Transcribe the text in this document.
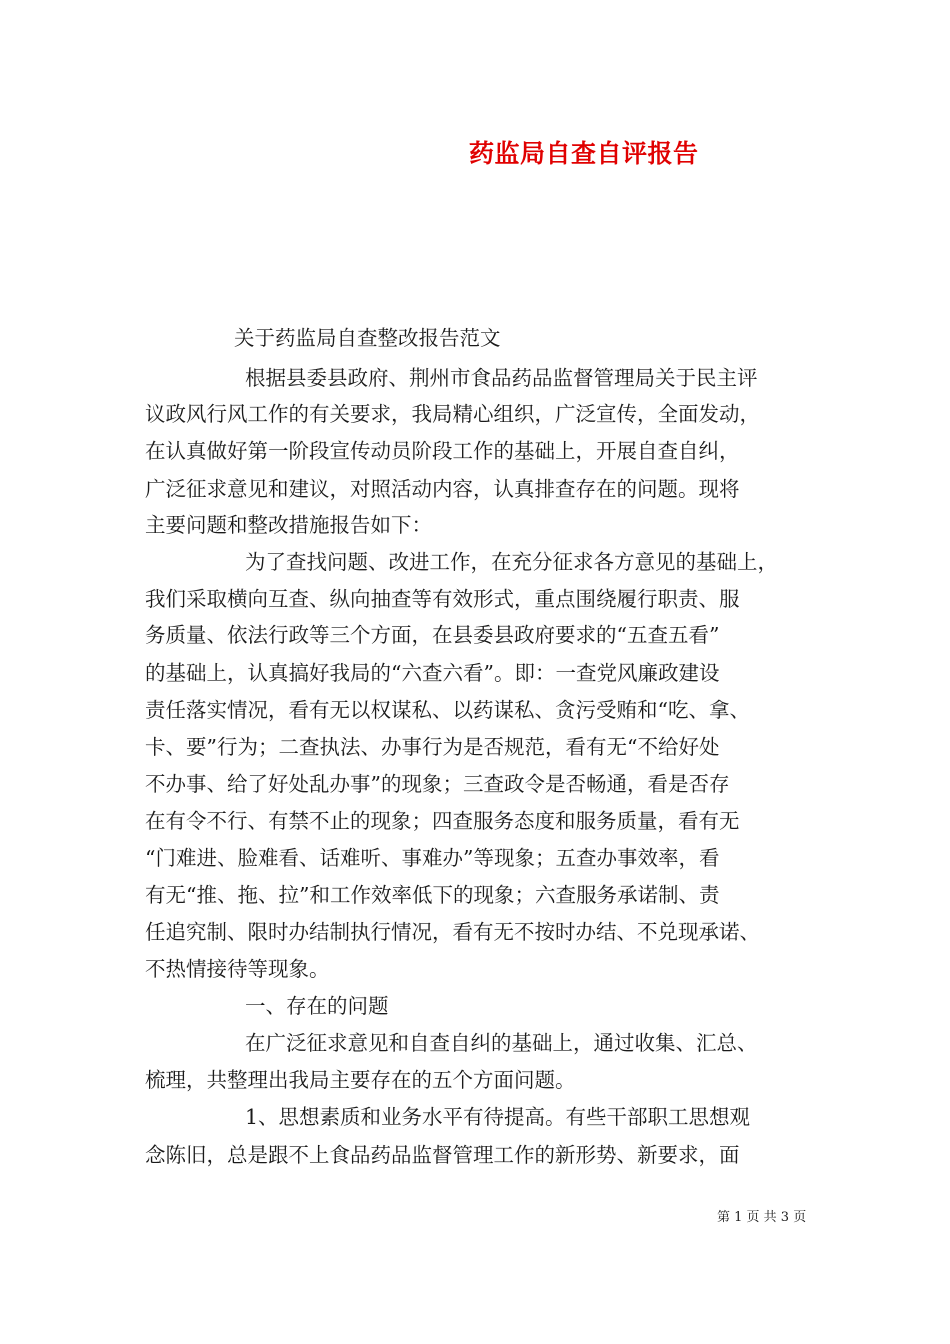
药监局自查自评报告
关于药监局自查整改报告范文
根据县委县政府、荆州市食品药品监督管理局关于民主评
议政风行风工作的有关要求，我局精心组织，广泛宣传，全面发动，
在认真做好第一阶段宣传动员阶段工作的基础上，开展自查自纠，
广泛征求意见和建议，对照活动内容，认真排查存在的问题。现将
主要问题和整改措施报告如下：
为了查找问题、改进工作，在充分征求各方意见的基础上，
我们采取横向互查、纵向抽查等有效形式，重点围绕履行职责、服
务质量、依法行政等三个方面，在县委县政府要求的“五查五看”
的基础上，认真搞好我局的“六查六看”。即：一查党风廉政建设
责任落实情况，看有无以权谋私、以药谋私、贪污受贿和“吃、拿、
卡、要”行为；二查执法、办事行为是否规范，看有无“不给好处
不办事、给了好处乱办事”的现象；三查政令是否畅通，看是否存
在有令不行、有禁不止的现象；四查服务态度和服务质量，看有无
“门难进、脸难看、话难听、事难办”等现象；五查办事效率，看
有无“推、拖、拉”和工作效率低下的现象；六查服务承诺制、责
任追究制、限时办结制执行情况，看有无不按时办结、不兑现承诺、
不热情接待等现象。
一、存在的问题
在广泛征求意见和自查自纠的基础上，通过收集、汇总、
梳理，共整理出我局主要存在的五个方面问题。
1、思想素质和业务水平有待提高。有些干部职工思想观
念陈旧，总是跟不上食品药品监督管理工作的新形势、新要求，面
第 1 页 共 3 页
